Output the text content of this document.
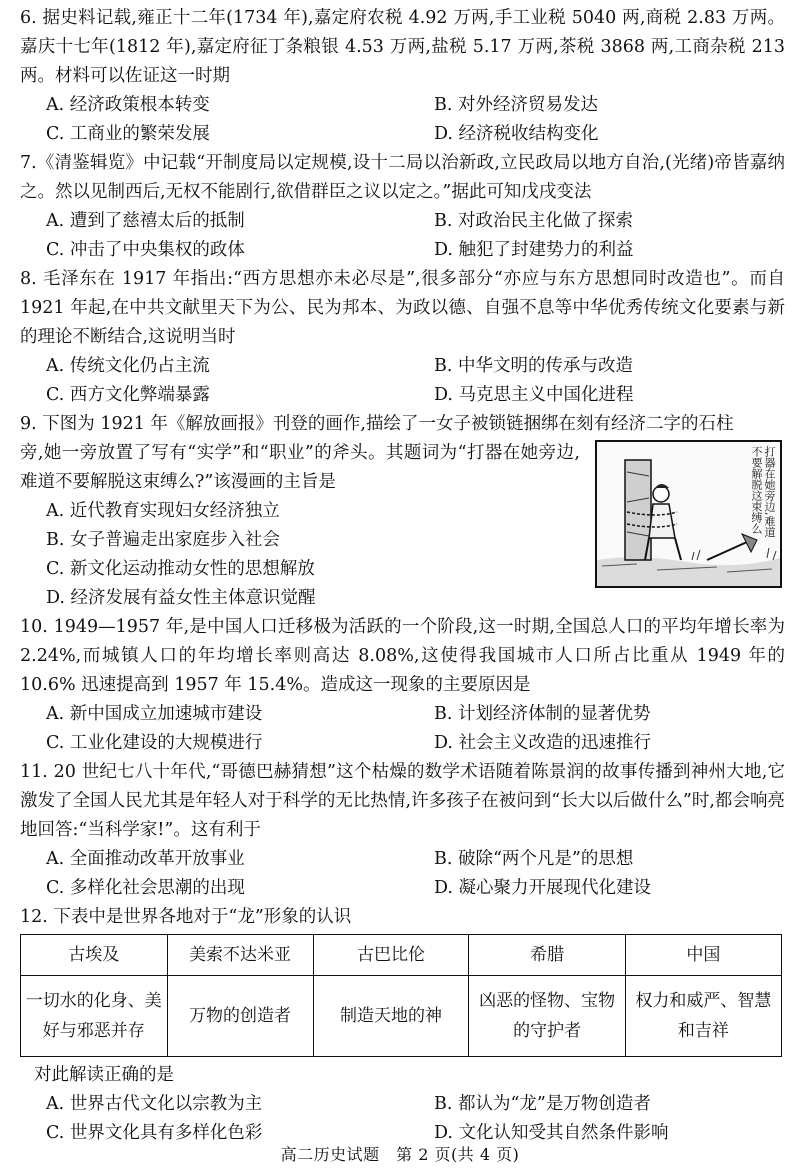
6. 据史料记载,雍正十二年(1734 年),嘉定府农税 4.92 万两,手工业税 5040 两,商税 2.83 万两。嘉庆十七年(1812 年),嘉定府征丁条粮银 4.53 万两,盐税 5.17 万两,茶税 3868 两,工商杂税 213 两。材料可以佐证这一时期
A. 经济政策根本转变	B. 对外经济贸易发达
C. 工商业的繁荣发展	D. 经济税收结构变化
7.《清鉴辑览》中记载“开制度局以定规模,设十二局以治新政,立民政局以地方自治,(光绪)帝皆嘉纳之。然以见制西后,无权不能剧行,欲借群臣之议以定之。”据此可知戊戌变法
A. 遭到了慈禧太后的抵制	B. 对政治民主化做了探索
C. 冲击了中央集权的政体	D. 触犯了封建势力的利益
8. 毛泽东在 1917 年指出:“西方思想亦未必尽是”,很多部分“亦应与东方思想同时改造也”。而自 1921 年起,在中共文献里天下为公、民为邦本、为政以德、自强不息等中华优秀传统文化要素与新的理论不断结合,这说明当时
A. 传统文化仍占主流	B. 中华文明的传承与改造
C. 西方文化弊端暴露	D. 马克思主义中国化进程
9. 下图为 1921 年《解放画报》刊登的画作,描绘了一女子被锁链捆绑在刻有经济二字的石柱
旁,她一旁放置了写有“实学”和“职业”的斧头。其题词为“打器在她旁边,难道不要解脱这束缚么?”该漫画的主旨是
A. 近代教育实现妇女经济独立
B. 女子普遍走出家庭步入社会
C. 新文化运动推动女性的思想解放
D. 经济发展有益女性主体意识觉醒
10. 1949—1957 年,是中国人口迁移极为活跃的一个阶段,这一时期,全国总人口的平均年增长率为 2.24%,而城镇人口的年均增长率则高达 8.08%,这使得我国城市人口所占比重从 1949 年的 10.6% 迅速提高到 1957 年 15.4%。造成这一现象的主要原因是
A. 新中国成立加速城市建设	B. 计划经济体制的显著优势
C. 工业化建设的大规模进行	D. 社会主义改造的迅速推行
11. 20 世纪七八十年代,“哥德巴赫猜想”这个枯燥的数学术语随着陈景润的故事传播到神州大地,它激发了全国人民尤其是年轻人对于科学的无比热情,许多孩子在被问到“长大以后做什么”时,都会响亮地回答:“当科学家!”。这有利于
A. 全面推动改革开放事业	B. 破除“两个凡是”的思想
C. 多样化社会思潮的出现	D. 凝心聚力开展现代化建设
12. 下表中是世界各地对于“龙”形象的认识
古埃及	美索不达米亚	古巴比伦	希腊	中国
一切水的化身、美好与邪恶并存	万物的创造者	制造天地的神	凶恶的怪物、宝物的守护者	权力和威严、智慧和吉祥
对此解读正确的是
A. 世界古代文化以宗教为主	B. 都认为“龙”是万物创造者
C. 世界文化具有多样化色彩	D. 文化认知受其自然条件影响
打器在她旁边,难道不要解脱这束缚么
高二历史试题　第 2 页(共 4 页)
